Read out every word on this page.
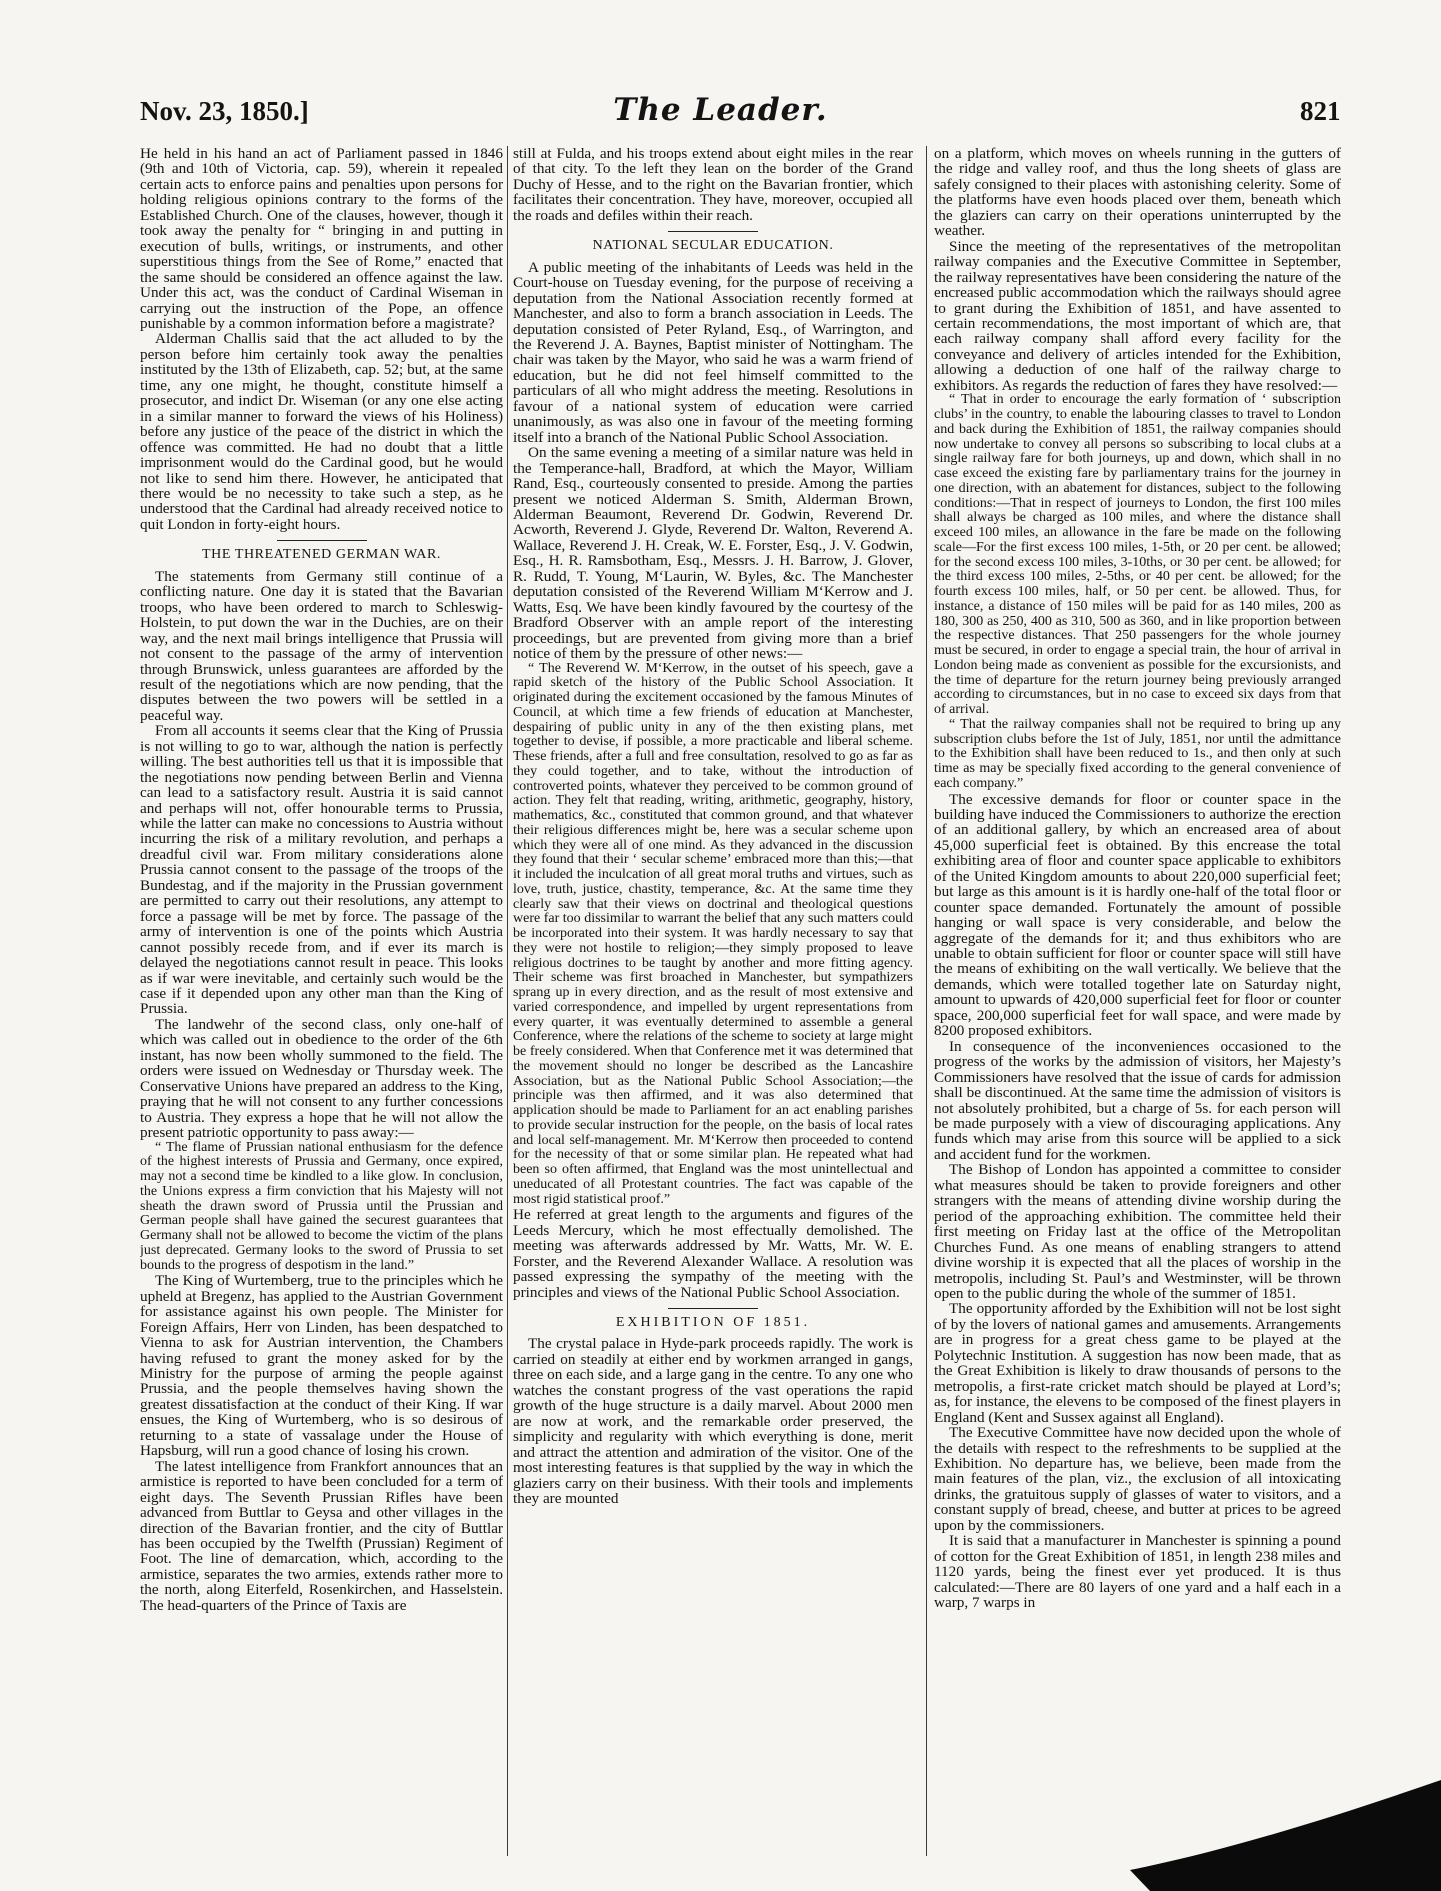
Nov. 23, 1850.]	The Leader.	821

He held in his hand an act of Parliament passed in 1846 (9th and 10th of Victoria, cap. 59), wherein it repealed certain acts to enforce pains and penalties upon persons for holding religious opinions contrary to the forms of the Established Church. One of the clauses, however, though it took away the penalty for “ bringing in and putting in execution of bulls, writings, or instruments, and other superstitious things from the See of Rome,” enacted that the same should be considered an offence against the law. Under this act, was the conduct of Cardinal Wiseman in carrying out the instruction of the Pope, an offence punishable by a common information before a magistrate?

Alderman Challis said that the act alluded to by the person before him certainly took away the penalties instituted by the 13th of Elizabeth, cap. 52; but, at the same time, any one might, he thought, constitute himself a prosecutor, and indict Dr. Wiseman (or any one else acting in a similar manner to forward the views of his Holiness) before any justice of the peace of the district in which the offence was committed. He had no doubt that a little imprisonment would do the Cardinal good, but he would not like to send him there. However, he anticipated that there would be no necessity to take such a step, as he understood that the Cardinal had already received notice to quit London in forty-eight hours.

THE THREATENED GERMAN WAR.

The statements from Germany still continue of a conflicting nature. One day it is stated that the Bavarian troops, who have been ordered to march to Schleswig-Holstein, to put down the war in the Duchies, are on their way, and the next mail brings intelligence that Prussia will not consent to the passage of the army of intervention through Brunswick, unless guarantees are afforded by the result of the negotiations which are now pending, that the disputes between the two powers will be settled in a peaceful way.

From all accounts it seems clear that the King of Prussia is not willing to go to war, although the nation is perfectly willing. The best authorities tell us that it is impossible that the negotiations now pending between Berlin and Vienna can lead to a satisfactory result. Austria it is said cannot and perhaps will not, offer honourable terms to Prussia, while the latter can make no concessions to Austria without incurring the risk of a military revolution, and perhaps a dreadful civil war. From military considerations alone Prussia cannot consent to the passage of the troops of the Bundestag, and if the majority in the Prussian government are permitted to carry out their resolutions, any attempt to force a passage will be met by force. The passage of the army of intervention is one of the points which Austria cannot possibly recede from, and if ever its march is delayed the negotiations cannot result in peace. This looks as if war were inevitable, and certainly such would be the case if it depended upon any other man than the King of Prussia.

The landwehr of the second class, only one-half of which was called out in obedience to the order of the 6th instant, has now been wholly summoned to the field. The orders were issued on Wednesday or Thursday week. The Conservative Unions have prepared an address to the King, praying that he will not consent to any further concessions to Austria. They express a hope that he will not allow the present patriotic opportunity to pass away:—

“ The flame of Prussian national enthusiasm for the defence of the highest interests of Prussia and Germany, once expired, may not a second time be kindled to a like glow. In conclusion, the Unions express a firm conviction that his Majesty will not sheath the drawn sword of Prussia until the Prussian and German people shall have gained the securest guarantees that Germany shall not be allowed to become the victim of the plans just deprecated. Germany looks to the sword of Prussia to set bounds to the progress of despotism in the land.”

The King of Wurtemberg, true to the principles which he upheld at Bregenz, has applied to the Austrian Government for assistance against his own people. The Minister for Foreign Affairs, Herr von Linden, has been despatched to Vienna to ask for Austrian intervention, the Chambers having refused to grant the money asked for by the Ministry for the purpose of arming the people against Prussia, and the people themselves having shown the greatest dissatisfaction at the conduct of their King. If war ensues, the King of Wurtemberg, who is so desirous of returning to a state of vassalage under the House of Hapsburg, will run a good chance of losing his crown.

The latest intelligence from Frankfort announces that an armistice is reported to have been concluded for a term of eight days. The Seventh Prussian Rifles have been advanced from Buttlar to Geysa and other villages in the direction of the Bavarian frontier, and the city of Buttlar has been occupied by the Twelfth (Prussian) Regiment of Foot. The line of demarcation, which, according to the armistice, separates the two armies, extends rather more to the north, along Eiterfeld, Rosenkirchen, and Hasselstein. The head-quarters of the Prince of Taxis are

still at Fulda, and his troops extend about eight miles in the rear of that city. To the left they lean on the border of the Grand Duchy of Hesse, and to the right on the Bavarian frontier, which facilitates their concentration. They have, moreover, occupied all the roads and defiles within their reach.

NATIONAL SECULAR EDUCATION.

A public meeting of the inhabitants of Leeds was held in the Court-house on Tuesday evening, for the purpose of receiving a deputation from the National Association recently formed at Manchester, and also to form a branch association in Leeds. The deputation consisted of Peter Ryland, Esq., of Warrington, and the Reverend J. A. Baynes, Baptist minister of Nottingham. The chair was taken by the Mayor, who said he was a warm friend of education, but he did not feel himself committed to the particulars of all who might address the meeting. Resolutions in favour of a national system of education were carried unanimously, as was also one in favour of the meeting forming itself into a branch of the National Public School Association.

On the same evening a meeting of a similar nature was held in the Temperance-hall, Bradford, at which the Mayor, William Rand, Esq., courteously consented to preside. Among the parties present we noticed Alderman S. Smith, Alderman Brown, Alderman Beaumont, Reverend Dr. Godwin, Reverend Dr. Acworth, Reverend J. Glyde, Reverend Dr. Walton, Reverend A. Wallace, Reverend J. H. Creak, W. E. Forster, Esq., J. V. Godwin, Esq., H. R. Ramsbotham, Esq., Messrs. J. H. Barrow, J. Glover, R. Rudd, T. Young, M‘Laurin, W. Byles, &c. The Manchester deputation consisted of the Reverend William M‘Kerrow and J. Watts, Esq. We have been kindly favoured by the courtesy of the Bradford Observer with an ample report of the interesting proceedings, but are prevented from giving more than a brief notice of them by the pressure of other news:—

“ The Reverend W. M‘Kerrow, in the outset of his speech, gave a rapid sketch of the history of the Public School Association. It originated during the excitement occasioned by the famous Minutes of Council, at which time a few friends of education at Manchester, despairing of public unity in any of the then existing plans, met together to devise, if possible, a more practicable and liberal scheme. These friends, after a full and free consultation, resolved to go as far as they could together, and to take, without the introduction of controverted points, whatever they perceived to be common ground of action. They felt that reading, writing, arithmetic, geography, history, mathematics, &c., constituted that common ground, and that whatever their religious differences might be, here was a secular scheme upon which they were all of one mind. As they advanced in the discussion they found that their ‘ secular scheme’ embraced more than this;—that it included the inculcation of all great moral truths and virtues, such as love, truth, justice, chastity, temperance, &c. At the same time they clearly saw that their views on doctrinal and theological questions were far too dissimilar to warrant the belief that any such matters could be incorporated into their system. It was hardly necessary to say that they were not hostile to religion;—they simply proposed to leave religious doctrines to be taught by another and more fitting agency. Their scheme was first broached in Manchester, but sympathizers sprang up in every direction, and as the result of most extensive and varied correspondence, and impelled by urgent representations from every quarter, it was eventually determined to assemble a general Conference, where the relations of the scheme to society at large might be freely considered. When that Conference met it was determined that the movement should no longer be described as the Lancashire Association, but as the National Public School Association;—the principle was then affirmed, and it was also determined that application should be made to Parliament for an act enabling parishes to provide secular instruction for the people, on the basis of local rates and local self-management. Mr. M‘Kerrow then proceeded to contend for the necessity of that or some similar plan. He repeated what had been so often affirmed, that England was the most unintellectual and uneducated of all Protestant countries. The fact was capable of the most rigid statistical proof.”

He referred at great length to the arguments and figures of the Leeds Mercury, which he most effectually demolished. The meeting was afterwards addressed by Mr. Watts, Mr. W. E. Forster, and the Reverend Alexander Wallace. A resolution was passed expressing the sympathy of the meeting with the principles and views of the National Public School Association.

EXHIBITION OF 1851.

The crystal palace in Hyde-park proceeds rapidly. The work is carried on steadily at either end by workmen arranged in gangs, three on each side, and a large gang in the centre. To any one who watches the constant progress of the vast operations the rapid growth of the huge structure is a daily marvel. About 2000 men are now at work, and the remarkable order preserved, the simplicity and regularity with which everything is done, merit and attract the attention and admiration of the visitor. One of the most interesting features is that supplied by the way in which the glaziers carry on their business. With their tools and implements they are mounted

on a platform, which moves on wheels running in the gutters of the ridge and valley roof, and thus the long sheets of glass are safely consigned to their places with astonishing celerity. Some of the platforms have even hoods placed over them, beneath which the glaziers can carry on their operations uninterrupted by the weather.

Since the meeting of the representatives of the metropolitan railway companies and the Executive Committee in September, the railway representatives have been considering the nature of the encreased public accommodation which the railways should agree to grant during the Exhibition of 1851, and have assented to certain recommendations, the most important of which are, that each railway company shall afford every facility for the conveyance and delivery of articles intended for the Exhibition, allowing a deduction of one half of the railway charge to exhibitors. As regards the reduction of fares they have resolved:—

“ That in order to encourage the early formation of ‘ subscription clubs’ in the country, to enable the labouring classes to travel to London and back during the Exhibition of 1851, the railway companies should now undertake to convey all persons so subscribing to local clubs at a single railway fare for both journeys, up and down, which shall in no case exceed the existing fare by parliamentary trains for the journey in one direction, with an abatement for distances, subject to the following conditions:—That in respect of journeys to London, the first 100 miles shall always be charged as 100 miles, and where the distance shall exceed 100 miles, an allowance in the fare be made on the following scale—For the first excess 100 miles, 1-5th, or 20 per cent. be allowed; for the second excess 100 miles, 3-10ths, or 30 per cent. be allowed; for the third excess 100 miles, 2-5ths, or 40 per cent. be allowed; for the fourth excess 100 miles, half, or 50 per cent. be allowed. Thus, for instance, a distance of 150 miles will be paid for as 140 miles, 200 as 180, 300 as 250, 400 as 310, 500 as 360, and in like proportion between the respective distances. That 250 passengers for the whole journey must be secured, in order to engage a special train, the hour of arrival in London being made as convenient as possible for the excursionists, and the time of departure for the return journey being previously arranged according to circumstances, but in no case to exceed six days from that of arrival.

“ That the railway companies shall not be required to bring up any subscription clubs before the 1st of July, 1851, nor until the admittance to the Exhibition shall have been reduced to 1s., and then only at such time as may be specially fixed according to the general convenience of each company.”

The excessive demands for floor or counter space in the building have induced the Commissioners to authorize the erection of an additional gallery, by which an encreased area of about 45,000 superficial feet is obtained. By this encrease the total exhibiting area of floor and counter space applicable to exhibitors of the United Kingdom amounts to about 220,000 superficial feet; but large as this amount is it is hardly one-half of the total floor or counter space demanded. Fortunately the amount of possible hanging or wall space is very considerable, and below the aggregate of the demands for it; and thus exhibitors who are unable to obtain sufficient for floor or counter space will still have the means of exhibiting on the wall vertically. We believe that the demands, which were totalled together late on Saturday night, amount to upwards of 420,000 superficial feet for floor or counter space, 200,000 superficial feet for wall space, and were made by 8200 proposed exhibitors.

In consequence of the inconveniences occasioned to the progress of the works by the admission of visitors, her Majesty’s Commissioners have resolved that the issue of cards for admission shall be discontinued. At the same time the admission of visitors is not absolutely prohibited, but a charge of 5s. for each person will be made purposely with a view of discouraging applications. Any funds which may arise from this source will be applied to a sick and accident fund for the workmen.

The Bishop of London has appointed a committee to consider what measures should be taken to provide foreigners and other strangers with the means of attending divine worship during the period of the approaching exhibition. The committee held their first meeting on Friday last at the office of the Metropolitan Churches Fund. As one means of enabling strangers to attend divine worship it is expected that all the places of worship in the metropolis, including St. Paul’s and Westminster, will be thrown open to the public during the whole of the summer of 1851.

The opportunity afforded by the Exhibition will not be lost sight of by the lovers of national games and amusements. Arrangements are in progress for a great chess game to be played at the Polytechnic Institution. A suggestion has now been made, that as the Great Exhibition is likely to draw thousands of persons to the metropolis, a first-rate cricket match should be played at Lord’s; as, for instance, the elevens to be composed of the finest players in England (Kent and Sussex against all England).

The Executive Committee have now decided upon the whole of the details with respect to the refreshments to be supplied at the Exhibition. No departure has, we believe, been made from the main features of the plan, viz., the exclusion of all intoxicating drinks, the gratuitous supply of glasses of water to visitors, and a constant supply of bread, cheese, and butter at prices to be agreed upon by the commissioners.

It is said that a manufacturer in Manchester is spinning a pound of cotton for the Great Exhibition of 1851, in length 238 miles and 1120 yards, being the finest ever yet produced. It is thus calculated:—There are 80 layers of one yard and a half each in a warp, 7 warps in
